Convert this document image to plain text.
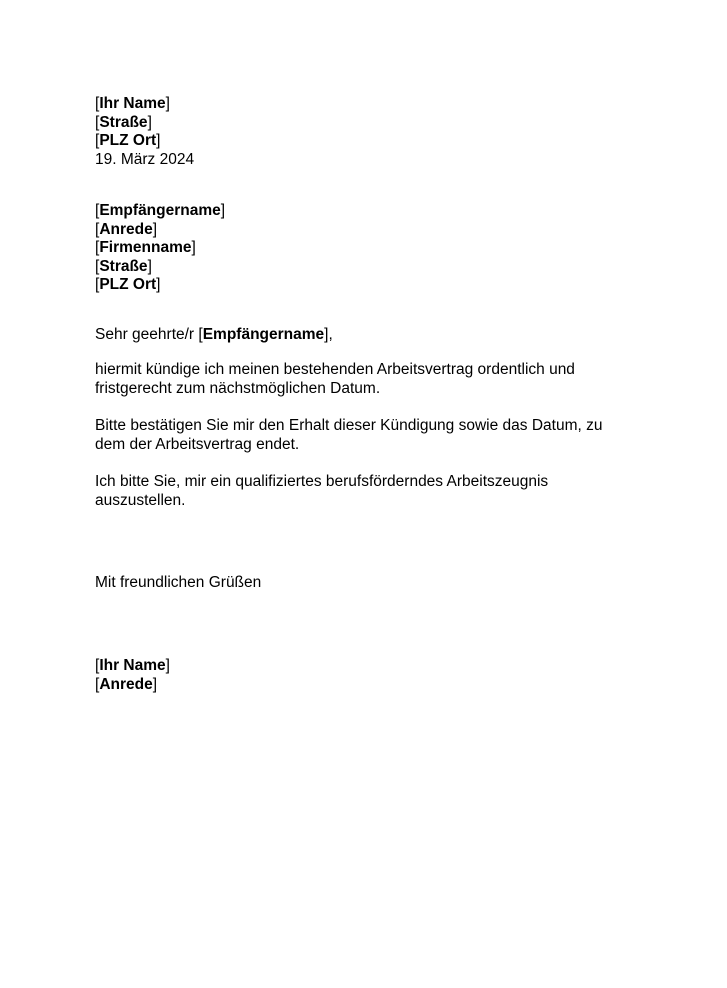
[Ihr Name]
[Straße]
[PLZ Ort]
19. März 2024
[Empfängername]
[Anrede]
[Firmenname]
[Straße]
[PLZ Ort]
Sehr geehrte/r [Empfängername],
hiermit kündige ich meinen bestehenden Arbeitsvertrag ordentlich und
fristgerecht zum nächstmöglichen Datum.
Bitte bestätigen Sie mir den Erhalt dieser Kündigung sowie das Datum, zu
dem der Arbeitsvertrag endet.
Ich bitte Sie, mir ein qualifiziertes berufsförderndes Arbeitszeugnis
auszustellen.
Mit freundlichen Grüßen
[Ihr Name]
[Anrede]
